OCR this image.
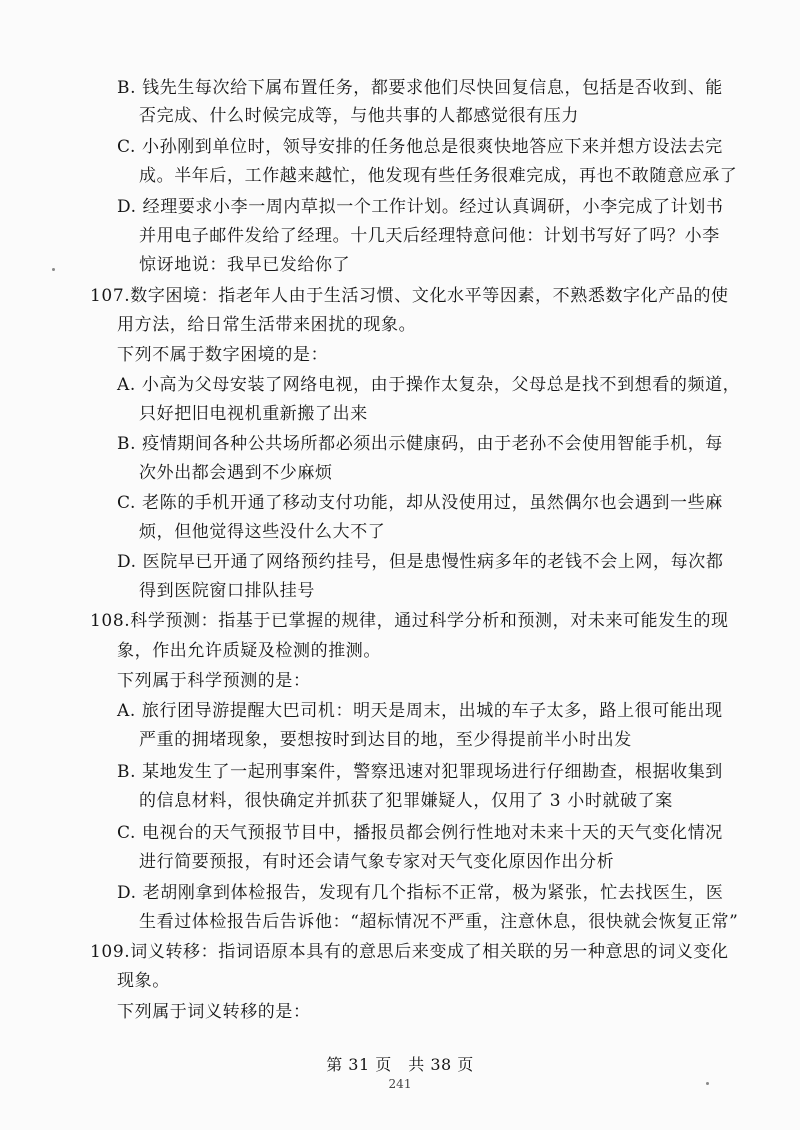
B. 钱先生每次给下属布置任务，都要求他们尽快回复信息，包括是否收到、能
否完成、什么时候完成等，与他共事的人都感觉很有压力
C. 小孙刚到单位时，领导安排的任务他总是很爽快地答应下来并想方设法去完
成。半年后，工作越来越忙，他发现有些任务很难完成，再也不敢随意应承了
D. 经理要求小李一周内草拟一个工作计划。经过认真调研，小李完成了计划书
并用电子邮件发给了经理。十几天后经理特意问他：计划书写好了吗？小李
惊讶地说：我早已发给你了
107.数字困境：指老年人由于生活习惯、文化水平等因素，不熟悉数字化产品的使
用方法，给日常生活带来困扰的现象。
下列不属于数字困境的是：
A. 小高为父母安装了网络电视，由于操作太复杂，父母总是找不到想看的频道，
只好把旧电视机重新搬了出来
B. 疫情期间各种公共场所都必须出示健康码，由于老孙不会使用智能手机，每
次外出都会遇到不少麻烦
C. 老陈的手机开通了移动支付功能，却从没使用过，虽然偶尔也会遇到一些麻
烦，但他觉得这些没什么大不了
D. 医院早已开通了网络预约挂号，但是患慢性病多年的老钱不会上网，每次都
得到医院窗口排队挂号
108.科学预测：指基于已掌握的规律，通过科学分析和预测，对未来可能发生的现
象，作出允许质疑及检测的推测。
下列属于科学预测的是：
A. 旅行团导游提醒大巴司机：明天是周末，出城的车子太多，路上很可能出现
严重的拥堵现象，要想按时到达目的地，至少得提前半小时出发
B. 某地发生了一起刑事案件，警察迅速对犯罪现场进行仔细勘查，根据收集到
的信息材料，很快确定并抓获了犯罪嫌疑人，仅用了 3 小时就破了案
C. 电视台的天气预报节目中，播报员都会例行性地对未来十天的天气变化情况
进行简要预报，有时还会请气象专家对天气变化原因作出分析
D. 老胡刚拿到体检报告，发现有几个指标不正常，极为紧张，忙去找医生，医
生看过体检报告后告诉他：“超标情况不严重，注意休息，很快就会恢复正常”
109.词义转移：指词语原本具有的意思后来变成了相关联的另一种意思的词义变化
现象。
下列属于词义转移的是：
第 31 页　共 38 页
241
